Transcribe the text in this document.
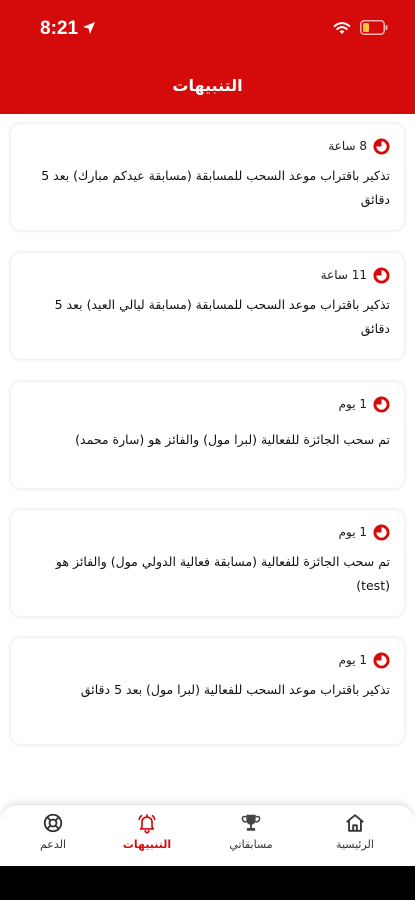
8:21
التنبيهات
8 ساعة
تذكير باقتراب موعد السحب للمسابقة (مسابقة عيدكم مبارك) بعد 5 دقائق
11 ساعة
تذكير باقتراب موعد السحب للمسابقة (مسابقة ليالي العيد) بعد 5 دقائق
1 يوم
تم سحب الجائزة للفعالية (لبرا مول) والفائز هو (سارة محمد)
1 يوم
تم سحب الجائزة للفعالية (مسابقة فعالية الدولي مول) والفائز هو (test)
1 يوم
تذكير باقتراب موعد السحب للفعالية (لبرا مول) بعد 5 دقائق
الرئيسية
مسابقاتي
التنبيهات
الدعم
